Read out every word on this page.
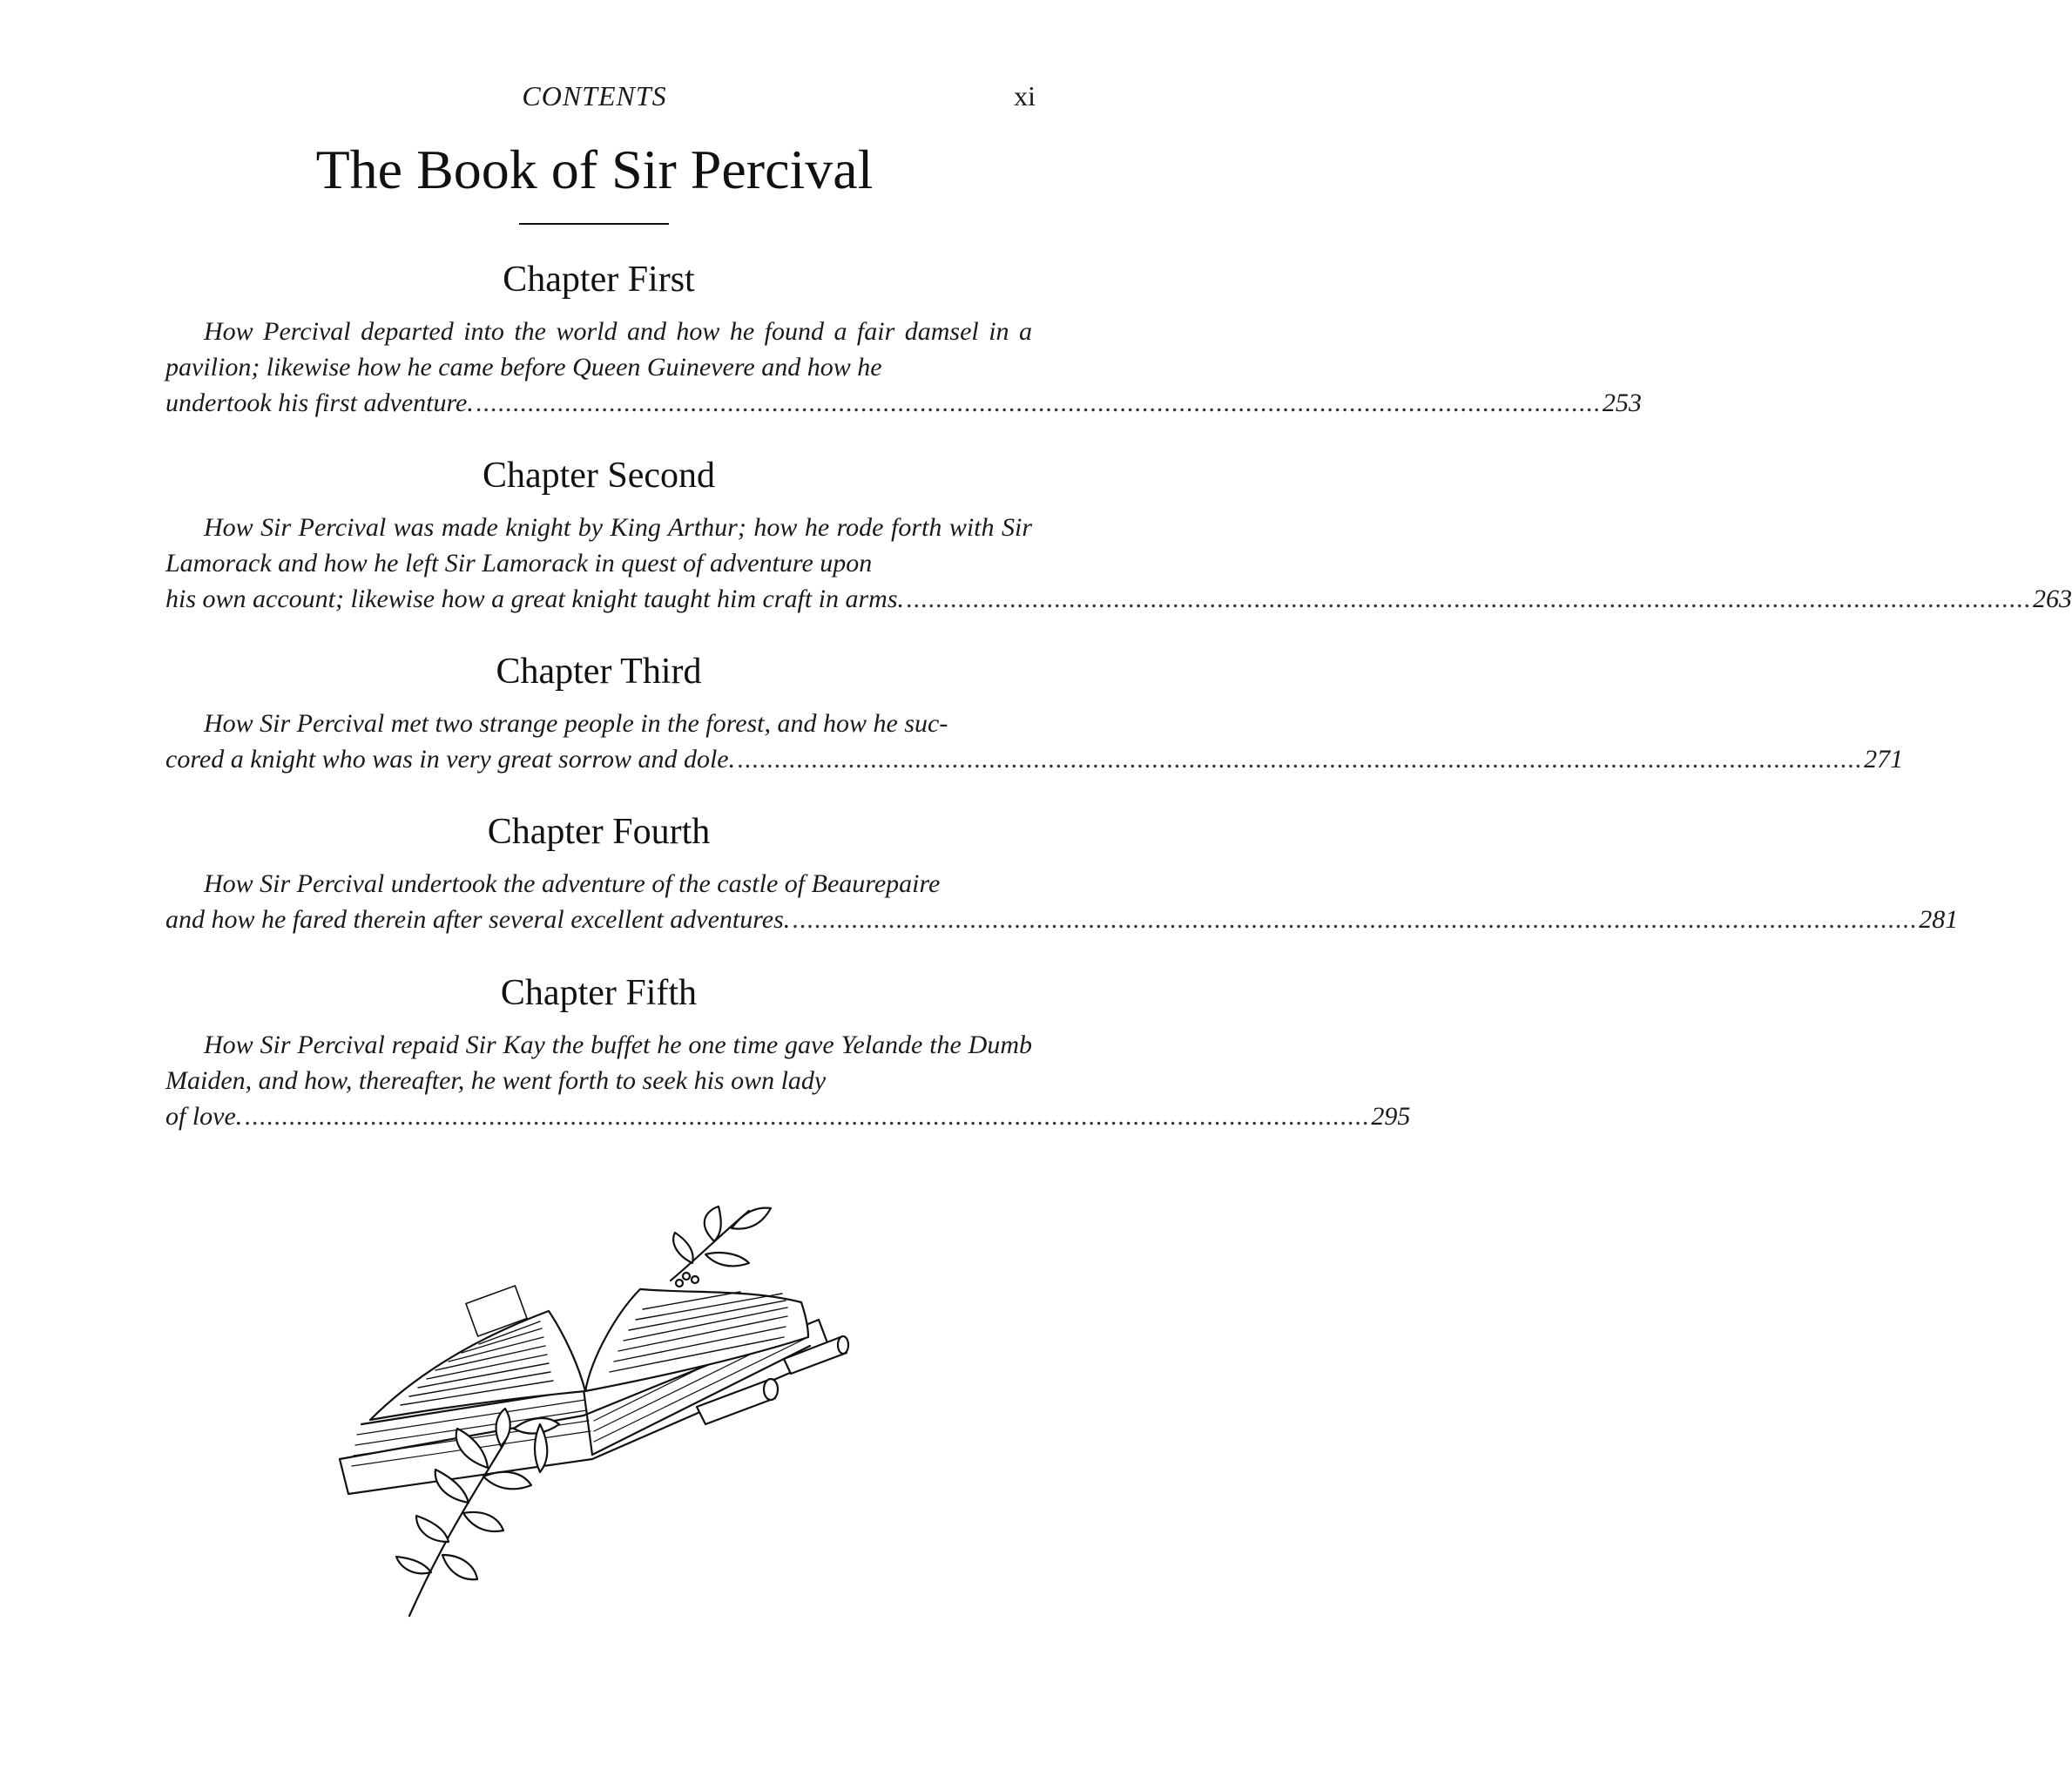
CONTENTS	xi
The Book of Sir Percival
Chapter First

How Percival departed into the world and how he found a fair damsel in a pavilion; likewise how he came before Queen Guinevere and how he

undertook his first adventure. ........................................................................................................................................................ 253
Chapter Second

How Sir Percival was made knight by King Arthur; how he rode forth with Sir Lamorack and how he left Sir Lamorack in quest of adventure upon

his own account; likewise how a great knight taught him craft in arms. ........................................................................................................................................................ 263
Chapter Third

How Sir Percival met two strange people in the forest, and how he suc-

cored a knight who was in very great sorrow and dole. ........................................................................................................................................................ 271
Chapter Fourth

How Sir Percival undertook the adventure of the castle of Beaurepaire

and how he fared therein after several excellent adventures. ........................................................................................................................................................ 281
Chapter Fifth

How Sir Percival repaid Sir Kay the buffet he one time gave Yelande the Dumb Maiden, and how, thereafter, he went forth to seek his own lady

of love. ........................................................................................................................................................ 295
